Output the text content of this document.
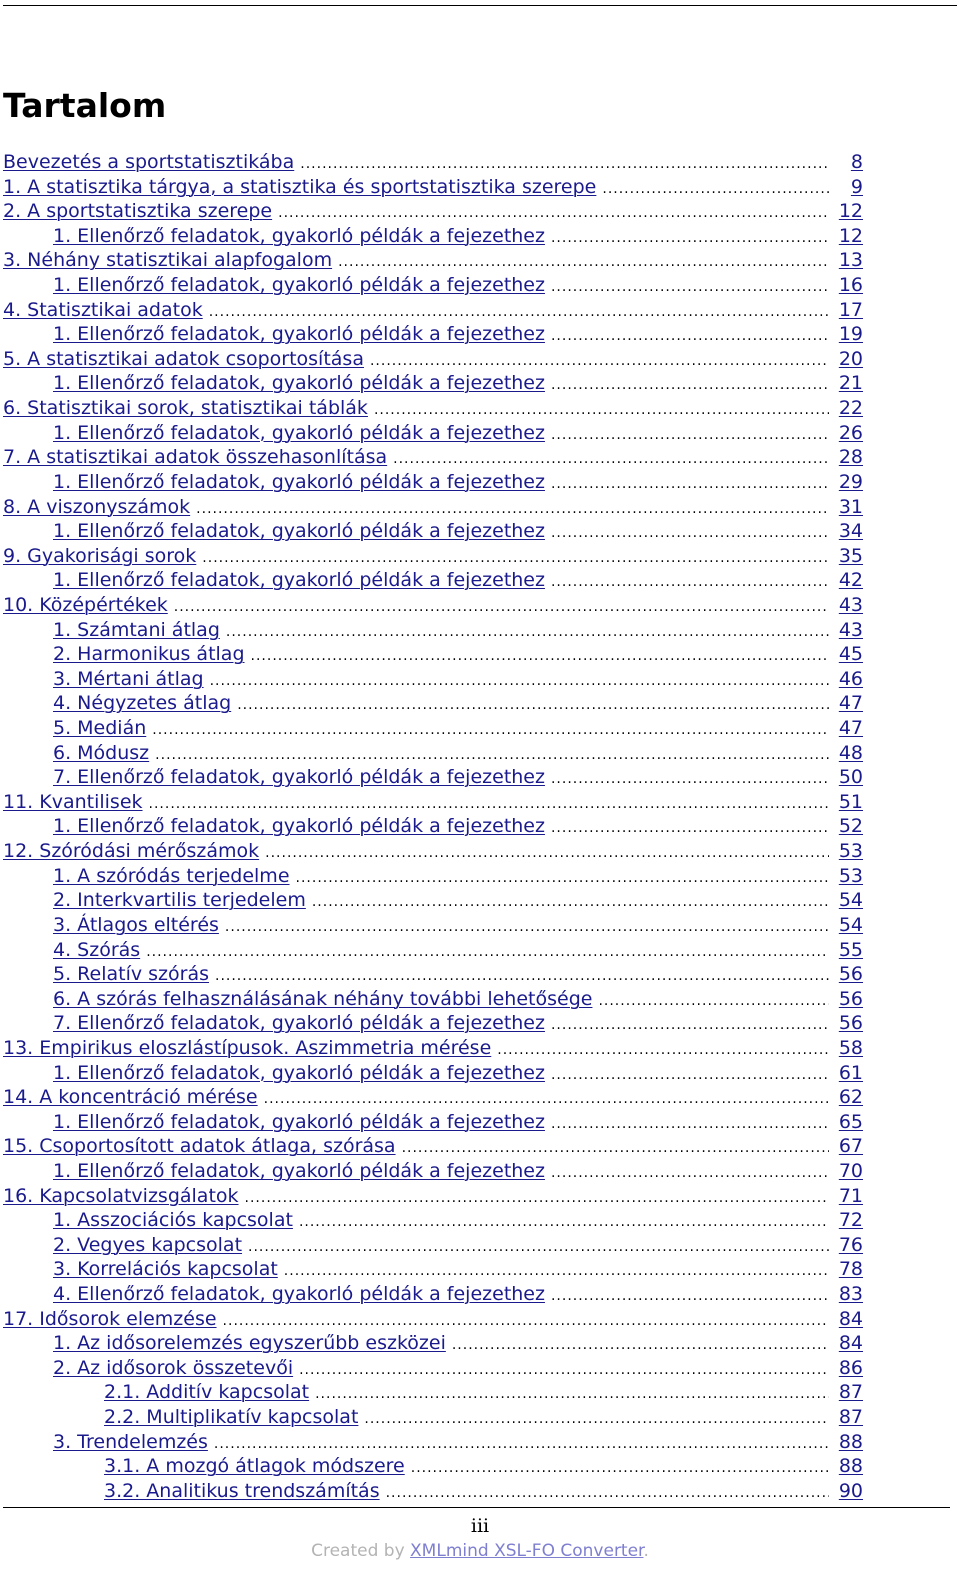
Tartalom
Bevezetés a sportstatisztikába .....	8
1. A statisztika tárgya, a statisztika és sportstatisztika szerepe .....	9
2. A sportstatisztika szerepe .....	12
1. Ellenőrző feladatok, gyakorló példák a fejezethez .....	12
3. Néhány statisztikai alapfogalom .....	13
1. Ellenőrző feladatok, gyakorló példák a fejezethez .....	16
4. Statisztikai adatok .....	17
1. Ellenőrző feladatok, gyakorló példák a fejezethez .....	19
5. A statisztikai adatok csoportosítása .....	20
1. Ellenőrző feladatok, gyakorló példák a fejezethez .....	21
6. Statisztikai sorok, statisztikai táblák .....	22
1. Ellenőrző feladatok, gyakorló példák a fejezethez .....	26
7. A statisztikai adatok összehasonlítása .....	28
1. Ellenőrző feladatok, gyakorló példák a fejezethez .....	29
8. A viszonyszámok .....	31
1. Ellenőrző feladatok, gyakorló példák a fejezethez .....	34
9. Gyakorisági sorok .....	35
1. Ellenőrző feladatok, gyakorló példák a fejezethez .....	42
10. Középértékek .....	43
1. Számtani átlag .....	43
2. Harmonikus átlag .....	45
3. Mértani átlag .....	46
4. Négyzetes átlag .....	47
5. Medián .....	47
6. Módusz .....	48
7. Ellenőrző feladatok, gyakorló példák a fejezethez .....	50
11. Kvantilisek .....	51
1. Ellenőrző feladatok, gyakorló példák a fejezethez .....	52
12. Szóródási mérőszámok .....	53
1. A szóródás terjedelme .....	53
2. Interkvartilis terjedelem .....	54
3. Átlagos eltérés .....	54
4. Szórás .....	55
5. Relatív szórás .....	56
6. A szórás felhasználásának néhány további lehetősége .....	56
7. Ellenőrző feladatok, gyakorló példák a fejezethez .....	56
13. Empirikus eloszlástípusok. Aszimmetria mérése .....	58
1. Ellenőrző feladatok, gyakorló példák a fejezethez .....	61
14. A koncentráció mérése .....	62
1. Ellenőrző feladatok, gyakorló példák a fejezethez .....	65
15. Csoportosított adatok átlaga, szórása .....	67
1. Ellenőrző feladatok, gyakorló példák a fejezethez .....	70
16. Kapcsolatvizsgálatok .....	71
1. Asszociációs kapcsolat .....	72
2. Vegyes kapcsolat .....	76
3. Korrelációs kapcsolat .....	78
4. Ellenőrző feladatok, gyakorló példák a fejezethez .....	83
17. Idősorok elemzése .....	84
1. Az idősorelemzés egyszerűbb eszközei .....	84
2. Az idősorok összetevői .....	86
2.1. Additív kapcsolat .....	87
2.2. Multiplikatív kapcsolat .....	87
3. Trendelemzés .....	88
3.1. A mozgó átlagok módszere .....	88
3.2. Analitikus trendszámítás .....	90
iii
Created by XMLmind XSL-FO Converter.
